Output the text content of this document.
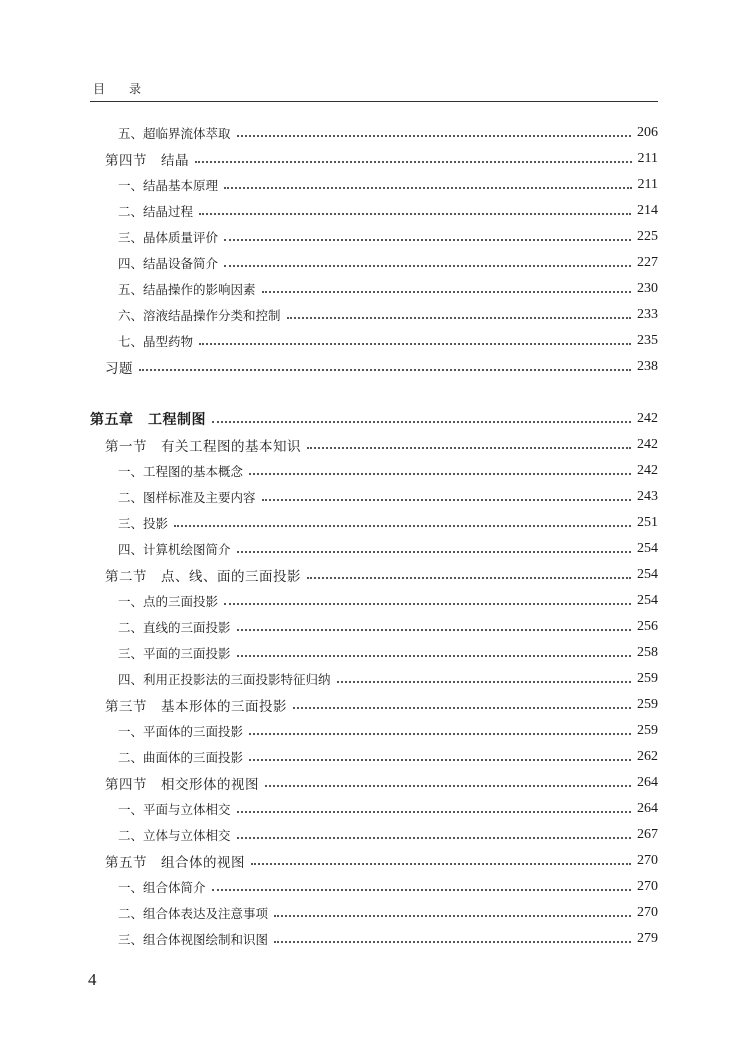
目 录
五、超临界流体萃取	206
第四节　结晶	211
一、结晶基本原理	211
二、结晶过程	214
三、晶体质量评价	225
四、结晶设备简介	227
五、结晶操作的影响因素	230
六、溶液结晶操作分类和控制	233
七、晶型药物	235
习题	238
第五章　工程制图	242
第一节　有关工程图的基本知识	242
一、工程图的基本概念	242
二、图样标准及主要内容	243
三、投影	251
四、计算机绘图简介	254
第二节　点、线、面的三面投影	254
一、点的三面投影	254
二、直线的三面投影	256
三、平面的三面投影	258
四、利用正投影法的三面投影特征归纳	259
第三节　基本形体的三面投影	259
一、平面体的三面投影	259
二、曲面体的三面投影	262
第四节　相交形体的视图	264
一、平面与立体相交	264
二、立体与立体相交	267
第五节　组合体的视图	270
一、组合体简介	270
二、组合体表达及注意事项	270
三、组合体视图绘制和识图	279
4
